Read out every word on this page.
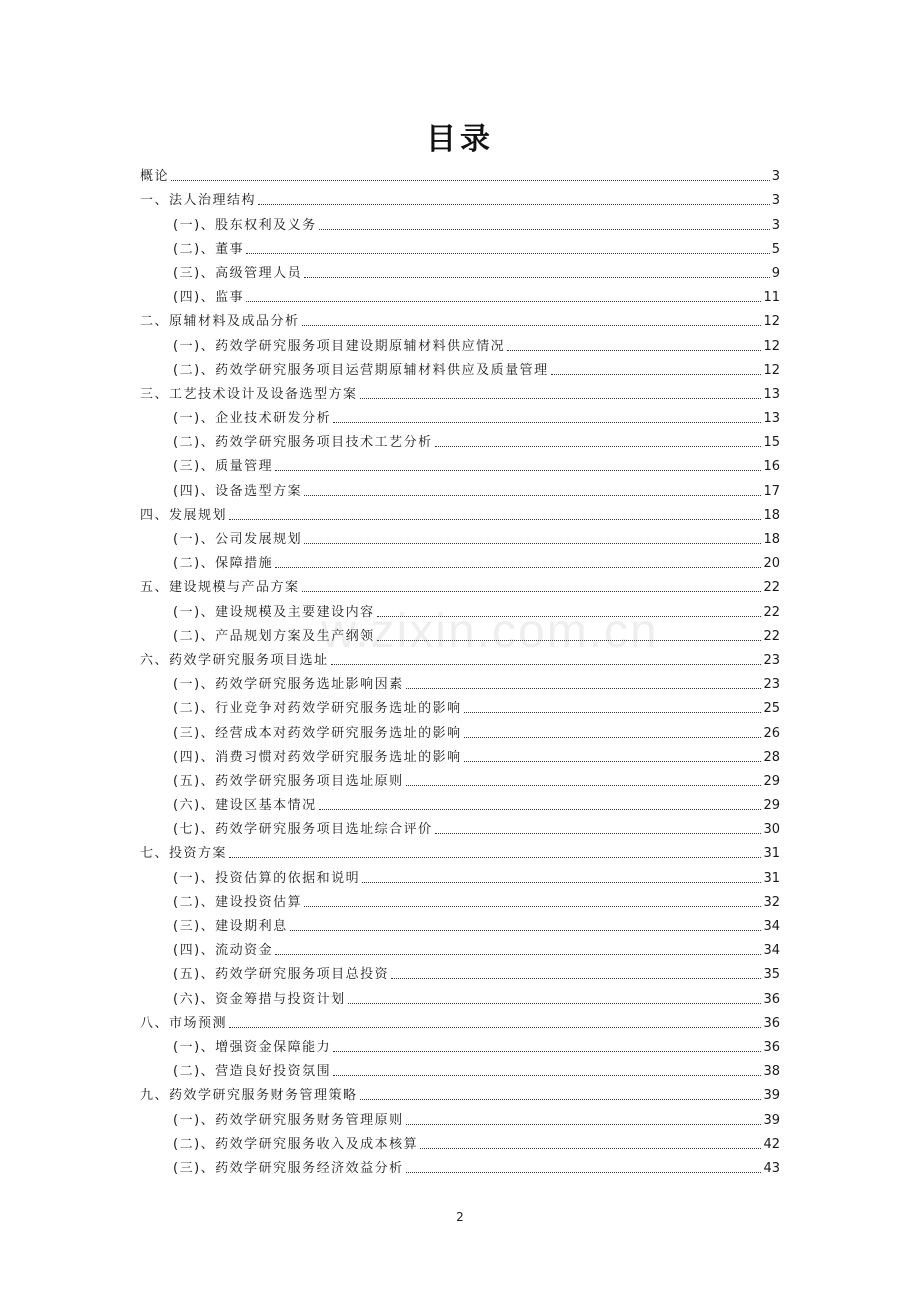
目录
概论	3
一、法人治理结构	3
(一)、股东权利及义务	3
(二)、董事	5
(三)、高级管理人员	9
(四)、监事	11
二、原辅材料及成品分析	12
(一)、药效学研究服务项目建设期原辅材料供应情况	12
(二)、药效学研究服务项目运营期原辅材料供应及质量管理	12
三、工艺技术设计及设备选型方案	13
(一)、企业技术研发分析	13
(二)、药效学研究服务项目技术工艺分析	15
(三)、质量管理	16
(四)、设备选型方案	17
四、发展规划	18
(一)、公司发展规划	18
(二)、保障措施	20
五、建设规模与产品方案	22
(一)、建设规模及主要建设内容	22
(二)、产品规划方案及生产纲领	22
六、药效学研究服务项目选址	23
(一)、药效学研究服务选址影响因素	23
(二)、行业竞争对药效学研究服务选址的影响	25
(三)、经营成本对药效学研究服务选址的影响	26
(四)、消费习惯对药效学研究服务选址的影响	28
(五)、药效学研究服务项目选址原则	29
(六)、建设区基本情况	29
(七)、药效学研究服务项目选址综合评价	30
七、投资方案	31
(一)、投资估算的依据和说明	31
(二)、建设投资估算	32
(三)、建设期利息	34
(四)、流动资金	34
(五)、药效学研究服务项目总投资	35
(六)、资金筹措与投资计划	36
八、市场预测	36
(一)、增强资金保障能力	36
(二)、营造良好投资氛围	38
九、药效学研究服务财务管理策略	39
(一)、药效学研究服务财务管理原则	39
(二)、药效学研究服务收入及成本核算	42
(三)、药效学研究服务经济效益分析	43
w.zixin.com.cn
2
